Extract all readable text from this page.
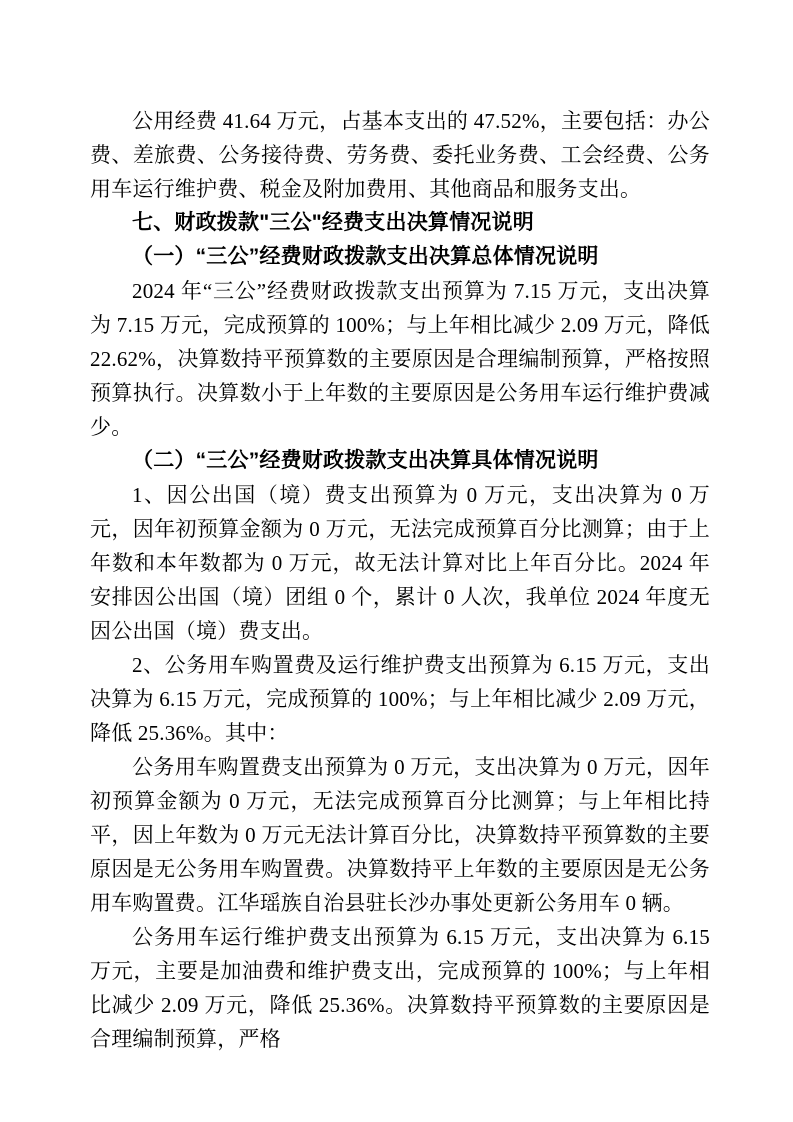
公用经费 41.64 万元，占基本支出的 47.52%，主要包括：办公费、差旅费、公务接待费、劳务费、委托业务费、工会经费、公务用车运行维护费、税金及附加费用、其他商品和服务支出。

七、财政拨款"三公"经费支出决算情况说明

（一）“三公”经费财政拨款支出决算总体情况说明

2024 年“三公”经费财政拨款支出预算为 7.15 万元，支出决算为 7.15 万元，完成预算的 100%；与上年相比减少 2.09 万元，降低 22.62%，决算数持平预算数的主要原因是合理编制预算，严格按照预算执行。决算数小于上年数的主要原因是公务用车运行维护费减少。

（二）“三公”经费财政拨款支出决算具体情况说明

1、因公出国（境）费支出预算为 0 万元，支出决算为 0 万元，因年初预算金额为 0 万元，无法完成预算百分比测算；由于上年数和本年数都为 0 万元，故无法计算对比上年百分比。2024 年安排因公出国（境）团组 0 个，累计 0 人次，我单位 2024 年度无因公出国（境）费支出。

2、公务用车购置费及运行维护费支出预算为 6.15 万元，支出决算为 6.15 万元，完成预算的 100%；与上年相比减少 2.09 万元，降低 25.36%。其中：

公务用车购置费支出预算为 0 万元，支出决算为 0 万元，因年初预算金额为 0 万元，无法完成预算百分比测算；与上年相比持平，因上年数为 0 万元无法计算百分比，决算数持平预算数的主要原因是无公务用车购置费。决算数持平上年数的主要原因是无公务用车购置费。江华瑶族自治县驻长沙办事处更新公务用车 0 辆。

公务用车运行维护费支出预算为 6.15 万元，支出决算为 6.15 万元，主要是加油费和维护费支出，完成预算的 100%；与上年相比减少 2.09 万元，降低 25.36%。决算数持平预算数的主要原因是合理编制预算，严格
